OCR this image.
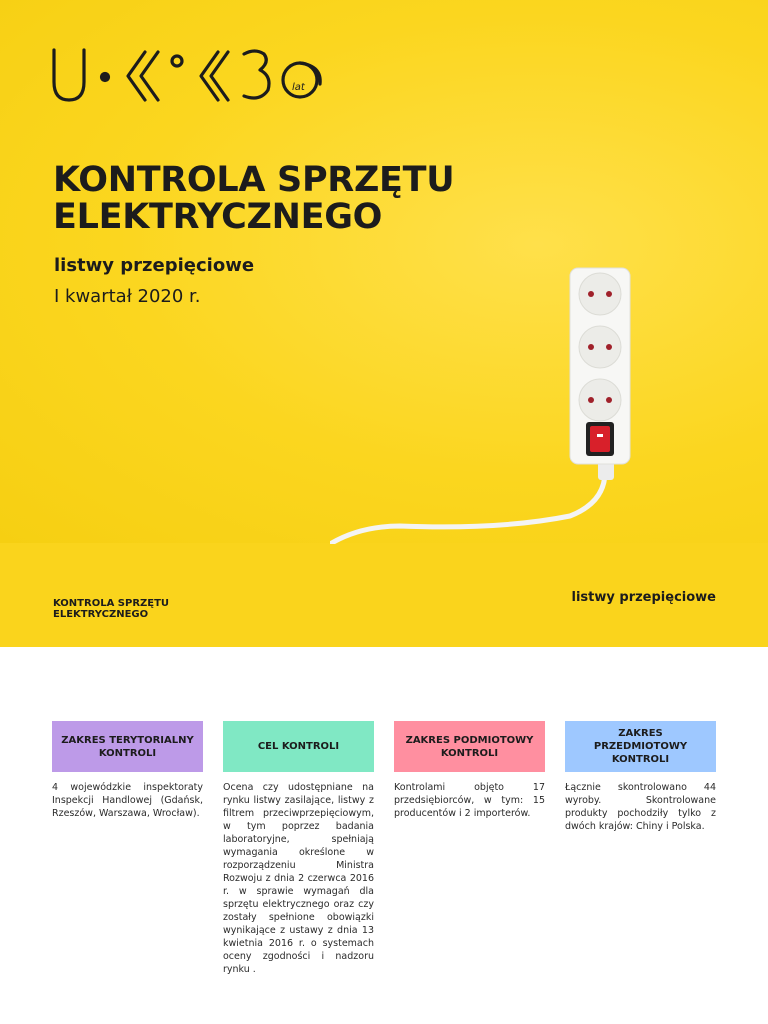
lat
KONTROLA SPRZĘTU ELEKTRYCZNEGO
listwy przepięciowe
I kwartał 2020 r.
KONTROLA SPRZĘTU ELEKTRYCZNEGO
listwy przepięciowe
ZAKRES TERYTORIALNY KONTROLI
4 wojewódzkie inspektoraty Inspekcji Handlowej (Gdańsk, Rzeszów, Warszawa, Wrocław).
CEL KONTROLI
Ocena czy udostępniane na rynku listwy zasilające, listwy z filtrem przeciwprzepięciowym, w tym poprzez badania laboratoryjne, spełniają wymagania określone w rozporządzeniu Ministra Rozwoju z dnia 2 czerwca 2016 r. w sprawie wymagań dla sprzętu elektrycznego oraz czy zostały spełnione obowiązki wynikające z ustawy z dnia 13 kwietnia 2016 r. o systemach oceny zgodności i nadzoru rynku .
ZAKRES PODMIOTOWY KONTROLI
Kontrolami objęto 17 przedsiębiorców, w tym: 15 producentów i 2 importerów.
ZAKRES PRZEDMIOTOWY KONTROLI
Łącznie skontrolowano 44 wyroby. Skontrolowane produkty pochodziły tylko z dwóch krajów: Chiny i Polska.
